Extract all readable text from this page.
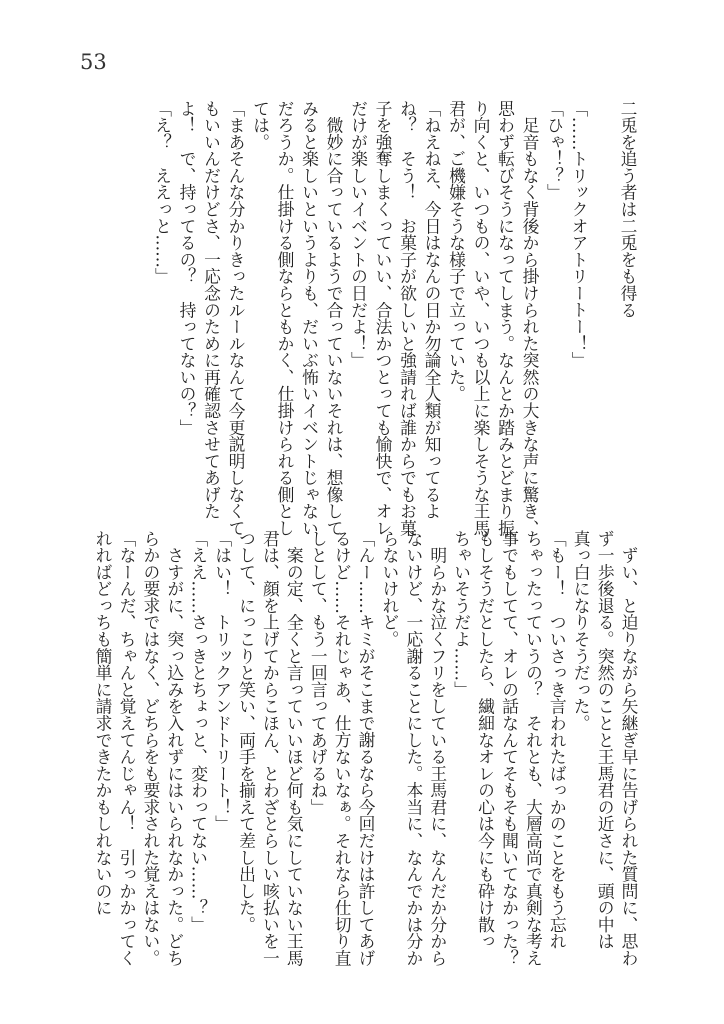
53
二兎を追う者は二兎をも得る

「……トリックオアトリートー！」
「ひゃ！？」
　足音もなく背後から掛けられた突然の大きな声に驚き、
思わず転びそうになってしまう。なんとか踏みとどまり振
り向くと、いつもの、いや、いつも以上に楽しそうな王馬
君が、ご機嫌そうな様子で立っていた。
「ねえねえ、今日はなんの日か勿論全人類が知ってるよ
ね？　そう！　お菓子が欲しいと強請れば誰からでもお菓
子を強奪しまくっていい、合法かつとっても愉快で、オレ
だけが楽しいイベントの日だよ！」
　微妙に合っているようで合っていないそれは、想像して
みると楽しいというよりも、だいぶ怖いイベントじゃない
だろうか。仕掛ける側ならともかく、仕掛けられる側とし
ては。
「まあそんな分かりきったルールなんて今更説明しなくて
もいいんだけどさ、一応念のために再確認させてあげた
よ！　で、持ってるの？　持ってないの？」
「え？　ええっと……」
　ずい、と迫りながら矢継ぎ早に告げられた質問に、思わ
ず一歩後退る。突然のことと王馬君の近さに、頭の中は
真っ白になりそうだった。
「もー！　ついさっき言われたばっかのことをもう忘れ
ちゃったっていうの？　それとも、大層高尚で真剣な考え
事でもしてて、オレの話なんてそもそも聞いてなかった？
もしそうだとしたら、繊細なオレの心は今にも砕け散っ
ちゃいそうだよ……」
　明らかな泣くフリをしている王馬君に、なんだか分から
ないけど、一応謝ることにした。本当に、なんでかは分か
らないけれど。
「んー……キミがそこまで謝るなら今回だけは許してあげ
るけど……それじゃあ、仕方ないなぁ。それなら仕切り直
しとして、もう一回言ってあげるね」
　案の定、全くと言っていいほど何も気にしていない王馬
君は、顔を上げてからこほん、とわざとらしい咳払いを一
つして、にっこりと笑い、両手を揃えて差し出した。
「はい！　トリックアンドトリート！」
「ええ……さっきとちょっと、変わってない……？」
　さすがに、突っ込みを入れずにはいられなかった。どち
らかの要求ではなく、どちらをも要求された覚えはない。
「なーんだ、ちゃんと覚えてんじゃん！　引っかかってく
れればどっちも簡単に請求できたかもしれないのに
